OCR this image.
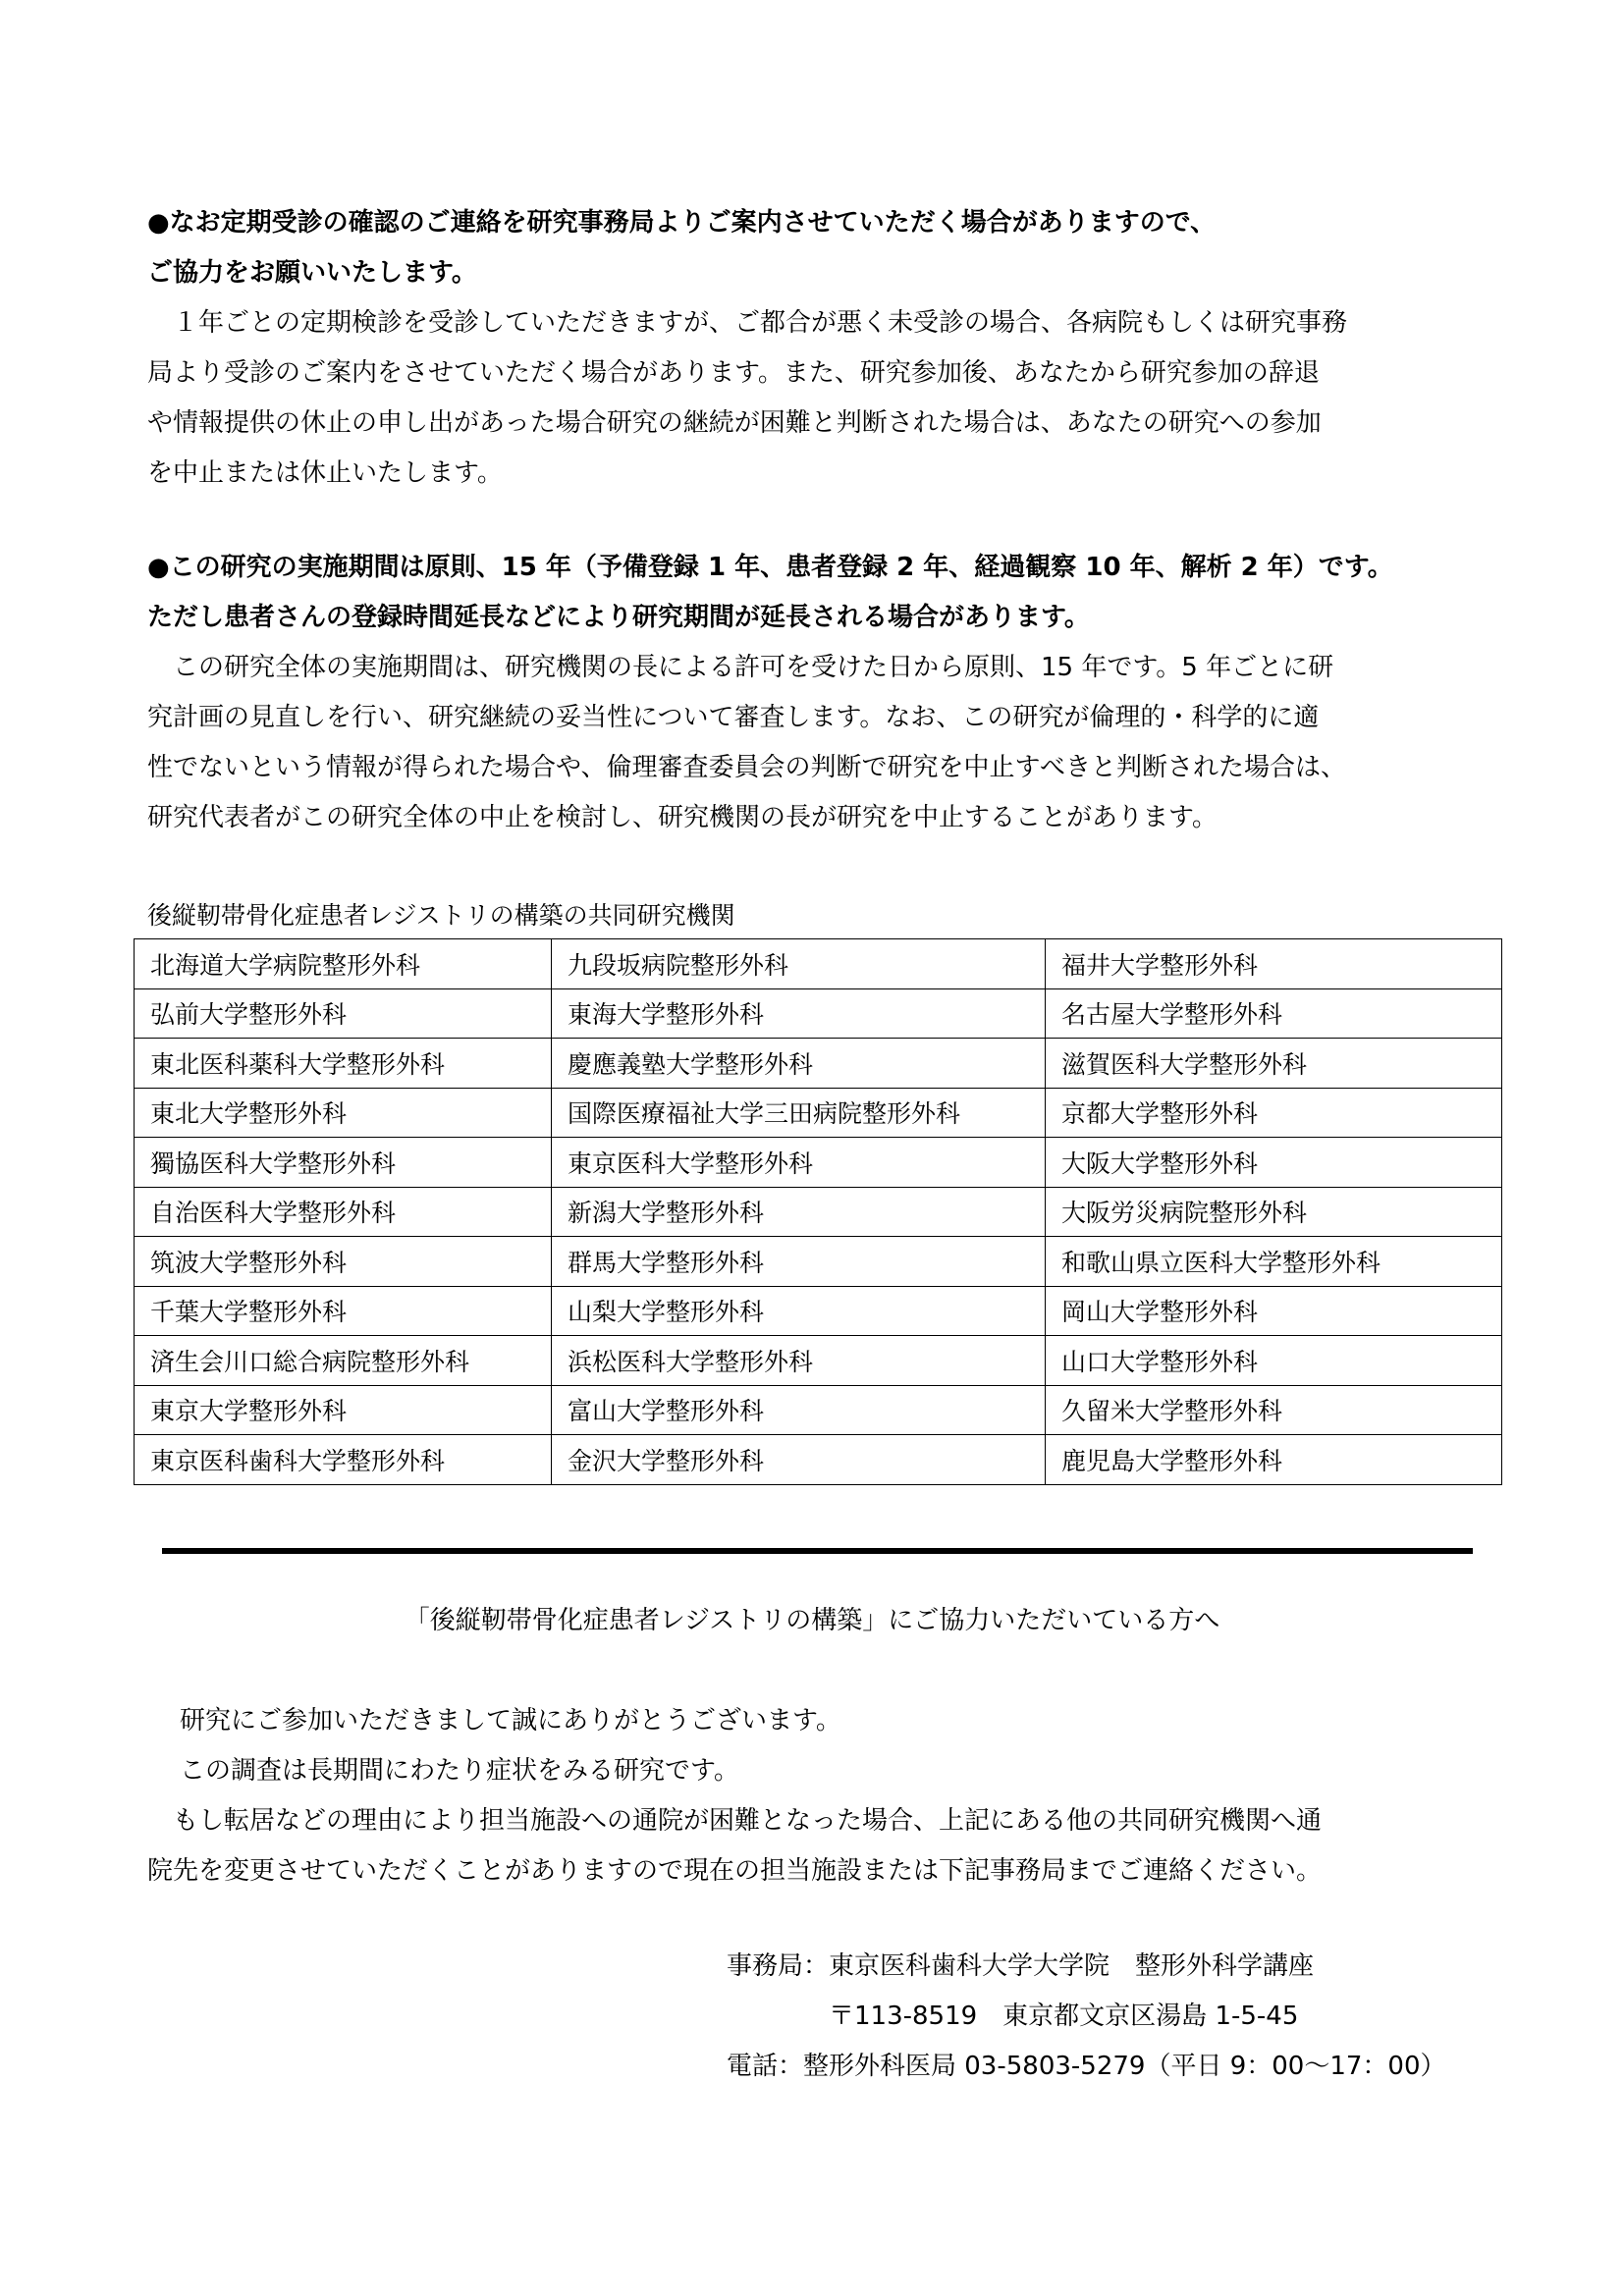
●なお定期受診の確認のご連絡を研究事務局よりご案内させていただく場合がありますので、
ご協力をお願いいたします。
１年ごとの定期検診を受診していただきますが、ご都合が悪く未受診の場合、各病院もしくは研究事務
局より受診のご案内をさせていただく場合があります。また、研究参加後、あなたから研究参加の辞退
や情報提供の休止の申し出があった場合研究の継続が困難と判断された場合は、あなたの研究への参加
を中止または休止いたします。
●この研究の実施期間は原則、15 年（予備登録 1 年、患者登録 2 年、経過観察 10 年、解析 2 年）です。
ただし患者さんの登録時間延長などにより研究期間が延長される場合があります。
この研究全体の実施期間は、研究機関の長による許可を受けた日から原則、15 年です。5 年ごとに研
究計画の見直しを行い、研究継続の妥当性について審査します。なお、この研究が倫理的・科学的に適
性でないという情報が得られた場合や、倫理審査委員会の判断で研究を中止すべきと判断された場合は、
研究代表者がこの研究全体の中止を検討し、研究機関の長が研究を中止することがあります。
後縦靭帯骨化症患者レジストリの構築の共同研究機関
北海道大学病院整形外科	九段坂病院整形外科	福井大学整形外科
弘前大学整形外科	東海大学整形外科	名古屋大学整形外科
東北医科薬科大学整形外科	慶應義塾大学整形外科	滋賀医科大学整形外科
東北大学整形外科	国際医療福祉大学三田病院整形外科	京都大学整形外科
獨協医科大学整形外科	東京医科大学整形外科	大阪大学整形外科
自治医科大学整形外科	新潟大学整形外科	大阪労災病院整形外科
筑波大学整形外科	群馬大学整形外科	和歌山県立医科大学整形外科
千葉大学整形外科	山梨大学整形外科	岡山大学整形外科
済生会川口総合病院整形外科	浜松医科大学整形外科	山口大学整形外科
東京大学整形外科	富山大学整形外科	久留米大学整形外科
東京医科歯科大学整形外科	金沢大学整形外科	鹿児島大学整形外科
「後縦靭帯骨化症患者レジストリの構築」にご協力いただいている方へ
研究にご参加いただきまして誠にありがとうございます。
この調査は長期間にわたり症状をみる研究です。
もし転居などの理由により担当施設への通院が困難となった場合、上記にある他の共同研究機関へ通
院先を変更させていただくことがありますので現在の担当施設または下記事務局までご連絡ください。
事務局：東京医科歯科大学大学院　整形外科学講座
〒113-8519　東京都文京区湯島 1-5-45
電話：整形外科医局 03-5803-5279（平日 9：00～17：00）
